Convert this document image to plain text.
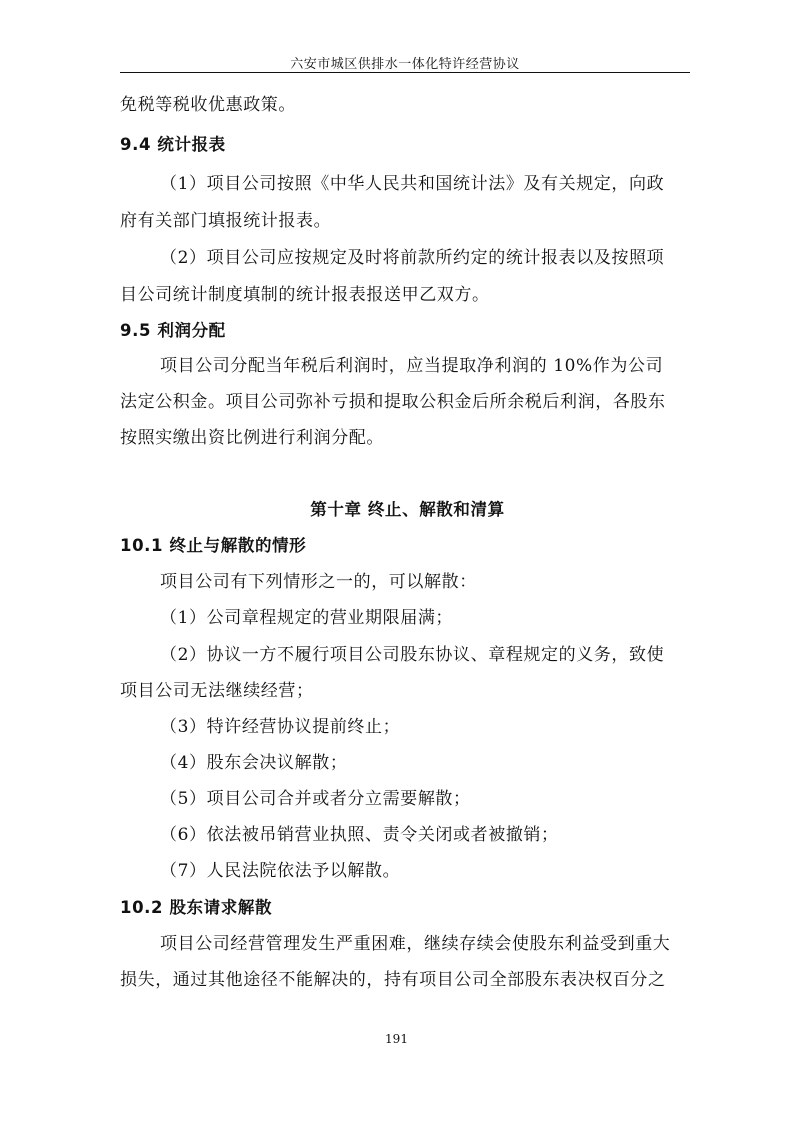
六安市城区供排水一体化特许经营协议
免税等税收优惠政策。
9.4 统计报表
（1）项目公司按照《中华人民共和国统计法》及有关规定，向政
府有关部门填报统计报表。
（2）项目公司应按规定及时将前款所约定的统计报表以及按照项
目公司统计制度填制的统计报表报送甲乙双方。
9.5 利润分配
项目公司分配当年税后利润时，应当提取净利润的 10%作为公司
法定公积金。项目公司弥补亏损和提取公积金后所余税后利润，各股东
按照实缴出资比例进行利润分配。
第十章 终止、解散和清算
10.1 终止与解散的情形
项目公司有下列情形之一的，可以解散：
（1）公司章程规定的营业期限届满；
（2）协议一方不履行项目公司股东协议、章程规定的义务，致使
项目公司无法继续经营；
（3）特许经营协议提前终止；
（4）股东会决议解散；
（5）项目公司合并或者分立需要解散；
（6）依法被吊销营业执照、责令关闭或者被撤销；
（7）人民法院依法予以解散。
10.2 股东请求解散
项目公司经营管理发生严重困难，继续存续会使股东利益受到重大
损失，通过其他途径不能解决的，持有项目公司全部股东表决权百分之
191
